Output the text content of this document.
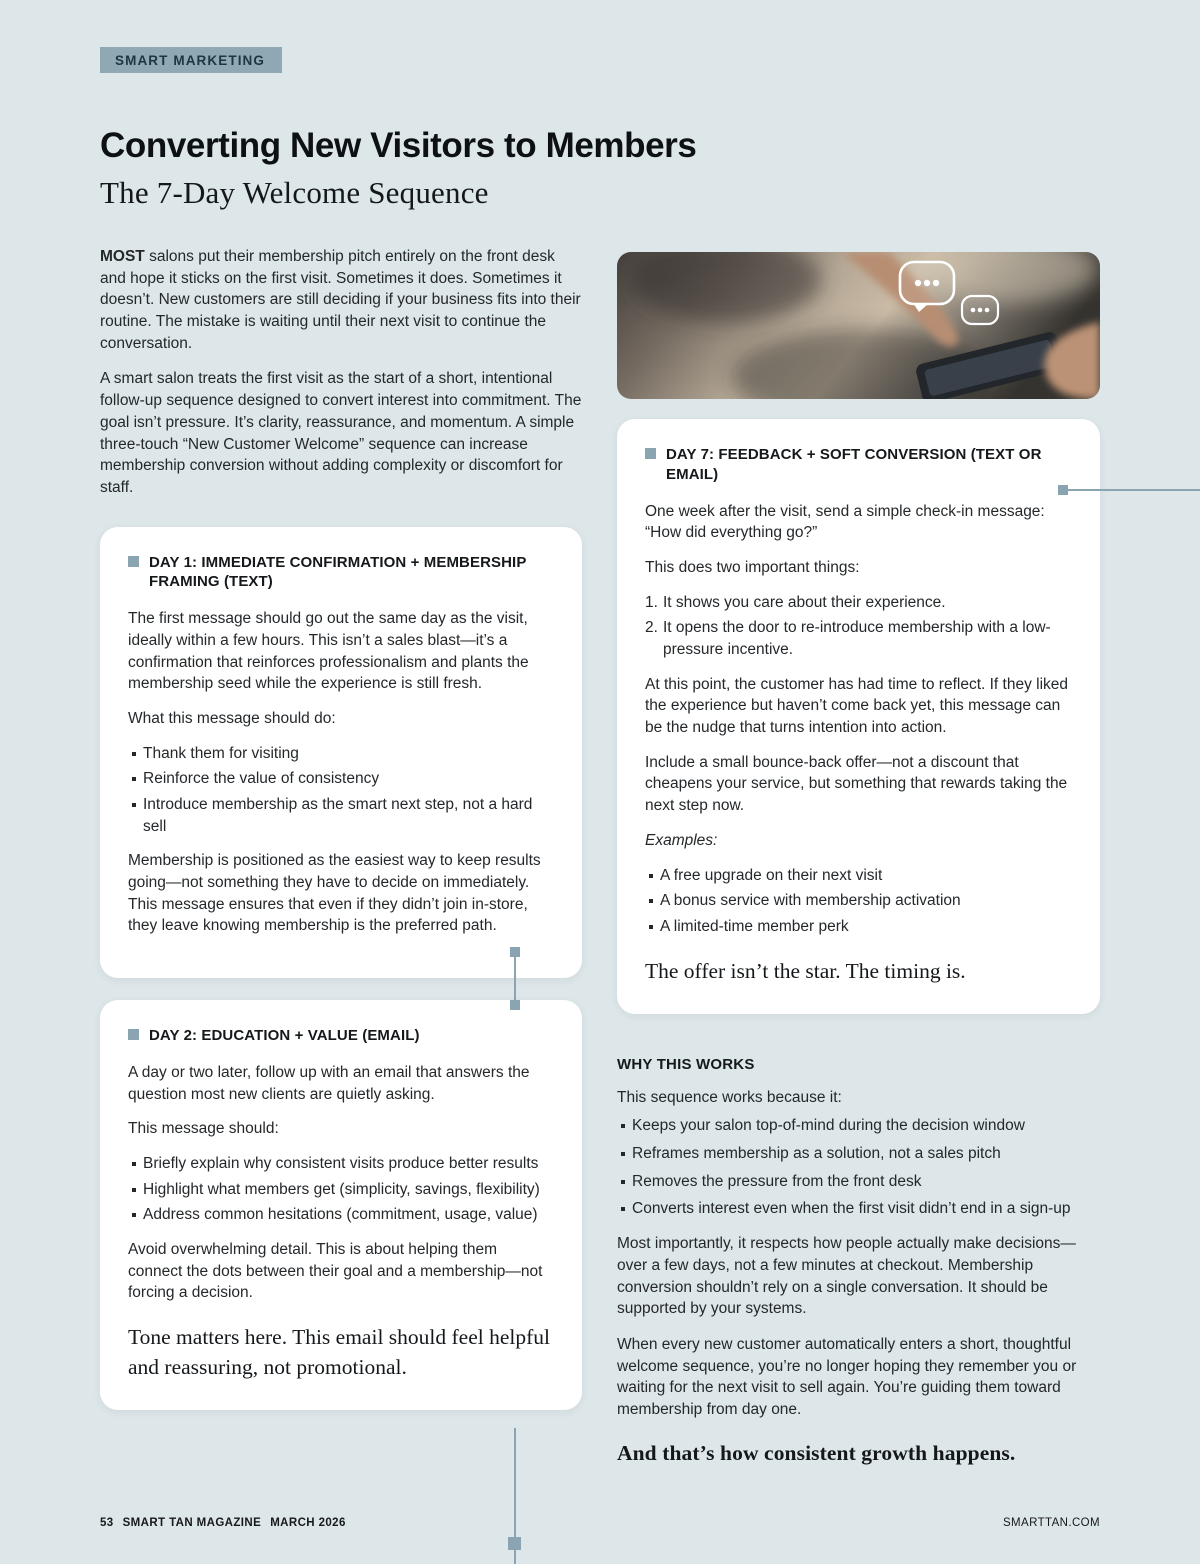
SMART MARKETING
Converting New Visitors to Members
The 7-Day Welcome Sequence

MOST salons put their membership pitch entirely on the front desk and hope it sticks on the first visit. Sometimes it does. Sometimes it doesn’t. New customers are still deciding if your business fits into their routine. The mistake is waiting until their next visit to continue the conversation.

A smart salon treats the first visit as the start of a short, intentional follow-up sequence designed to convert interest into commitment. The goal isn’t pressure. It’s clarity, reassurance, and momentum. A simple three-touch “New Customer Welcome” sequence can increase membership conversion without adding complexity or discomfort for staff.

DAY 1: IMMEDIATE CONFIRMATION + MEMBERSHIP FRAMING (TEXT)

The first message should go out the same day as the visit, ideally within a few hours. This isn’t a sales blast—it’s a confirmation that reinforces professionalism and plants the membership seed while the experience is still fresh.

What this message should do:

Thank them for visiting
Reinforce the value of consistency
Introduce membership as the smart next step, not a hard sell

Membership is positioned as the easiest way to keep results going—not something they have to decide on immediately. This message ensures that even if they didn’t join in-store, they leave knowing membership is the preferred path.

DAY 2: EDUCATION + VALUE (EMAIL)

A day or two later, follow up with an email that answers the question most new clients are quietly asking.

This message should:

Briefly explain why consistent visits produce better results
Highlight what members get (simplicity, savings, flexibility)
Address common hesitations (commitment, usage, value)

Avoid overwhelming detail. This is about helping them connect the dots between their goal and a membership—not forcing a decision.

Tone matters here. This email should feel helpful and reassuring, not promotional.

DAY 7: FEEDBACK + SOFT CONVERSION (TEXT OR EMAIL)

One week after the visit, send a simple check-in message: “How did everything go?”

This does two important things:

It shows you care about their experience.
It opens the door to re-introduce membership with a low-pressure incentive.

At this point, the customer has had time to reflect. If they liked the experience but haven’t come back yet, this message can be the nudge that turns intention into action.

Include a small bounce-back offer—not a discount that cheapens your service, but something that rewards taking the next step now.

Examples:

A free upgrade on their next visit
A bonus service with membership activation
A limited-time member perk

The offer isn’t the star. The timing is.

WHY THIS WORKS

This sequence works because it:

Keeps your salon top-of-mind during the decision window
Reframes membership as a solution, not a sales pitch
Removes the pressure from the front desk
Converts interest even when the first visit didn’t end in a sign-up

Most importantly, it respects how people actually make decisions—over a few days, not a few minutes at checkout. Membership conversion shouldn’t rely on a single conversation. It should be supported by your systems.

When every new customer automatically enters a short, thoughtful welcome sequence, you’re no longer hoping they remember you or waiting for the next visit to sell again. You’re guiding them toward membership from day one.

And that’s how consistent growth happens.

53 SMART TAN MAGAZINE MARCH 2026	SMARTTAN.COM
